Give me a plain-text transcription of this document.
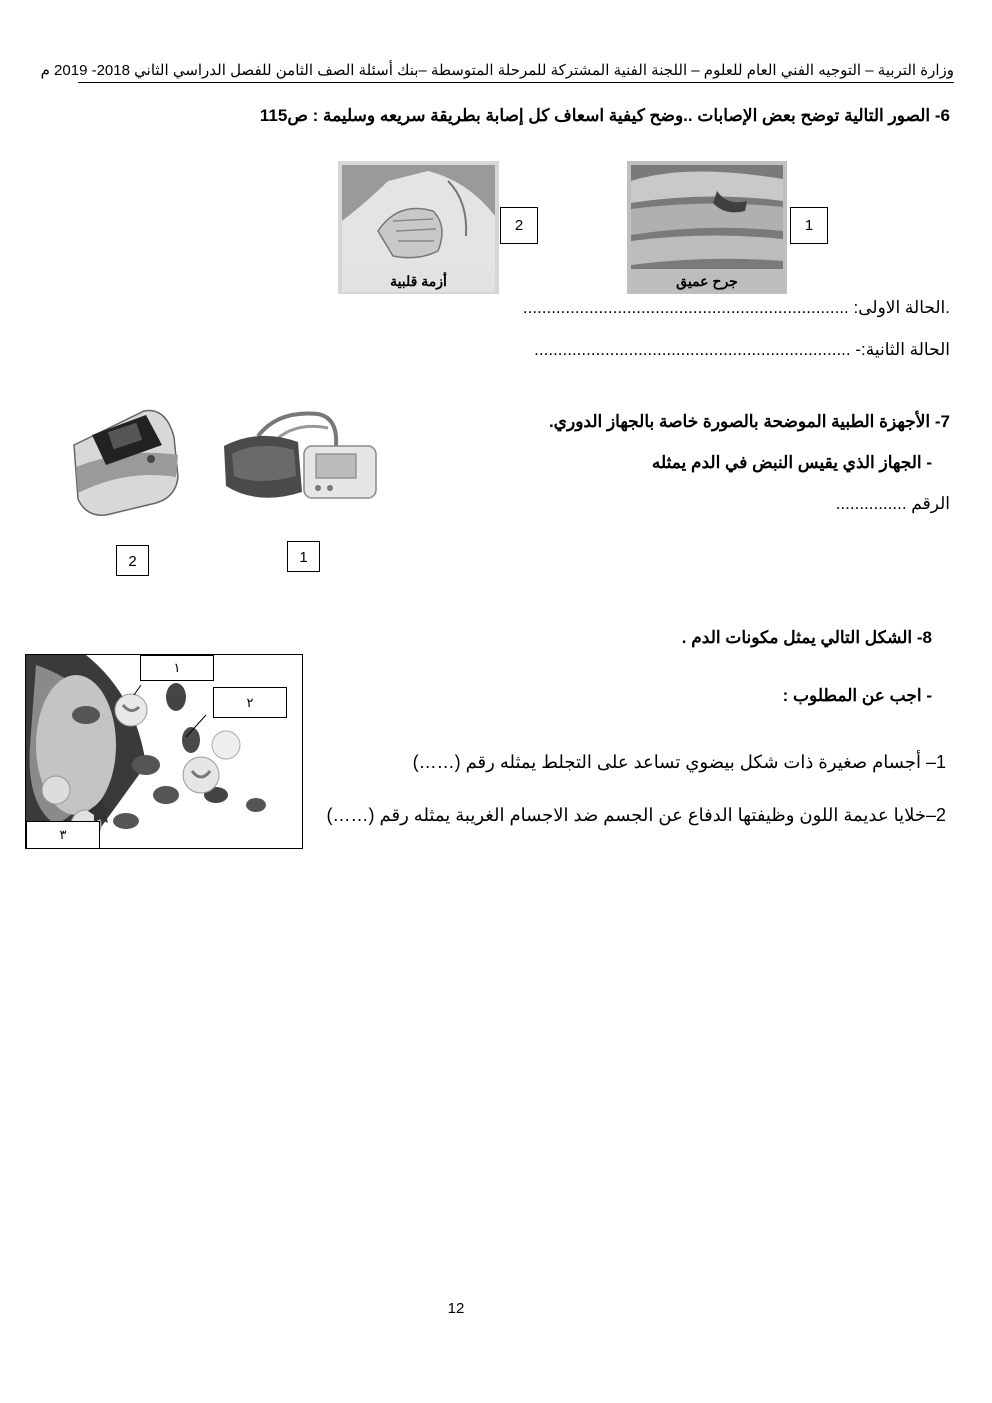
وزارة التربية – التوجيه الفني العام للعلوم – اللجنة الفنية المشتركة للمرحلة المتوسطة –بنك أسئلة الصف الثامن للفصل الدراسي الثاني 2018- 2019 م
6- الصور التالية توضح بعض الإصابات ..وضح كيفية اسعاف كل إصابة بطريقة سريعه وسليمة : ص115
أزمة قلبية
2
جرح عميق
1
.الحالة الاولى: .....................................................................
الحالة الثانية:- ...................................................................
7- الأجهزة الطبية الموضحة بالصورة خاصة بالجهاز الدوري.
- الجهاز الذي يقيس النبض في الدم يمثله
الرقم ...............
2	1
8- الشكل التالي يمثل مكونات الدم .
- اجب عن المطلوب :
1– أجسام صغيرة ذات شكل بيضوي تساعد على التجلط يمثله رقم (……)
2–خلايا عديمة اللون وظيفتها الدفاع عن الجسم ضد الاجسام الغريبة يمثله رقم (……)
١
٢
٣
12
